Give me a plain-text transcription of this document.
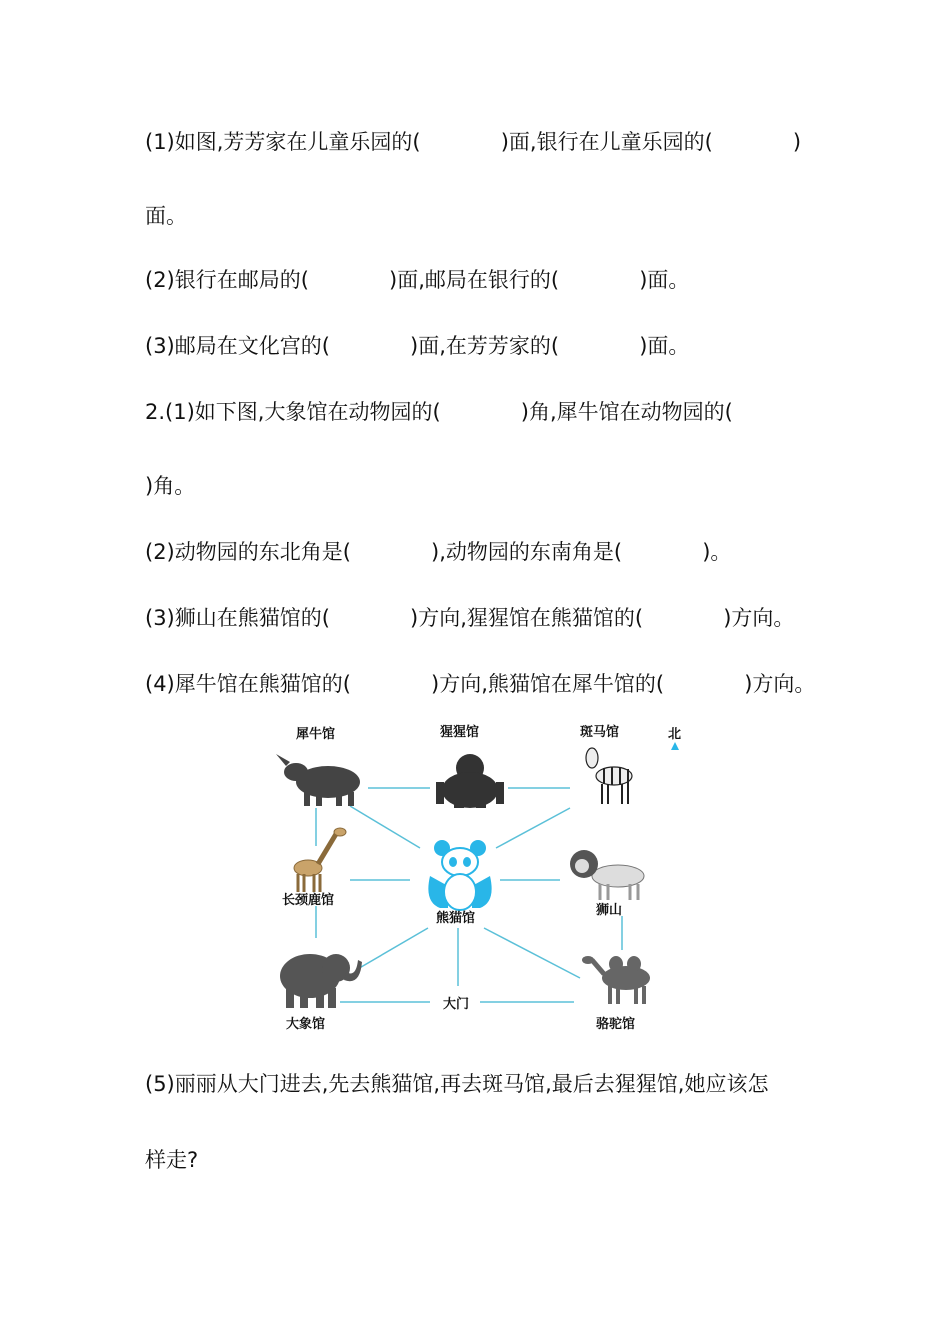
(1)如图,芳芳家在儿童乐园的(            )面,银行在儿童乐园的(            )
面。
(2)银行在邮局的(            )面,邮局在银行的(            )面。
(3)邮局在文化宫的(            )面,在芳芳家的(            )面。
2.(1)如下图,大象馆在动物园的(            )角,犀牛馆在动物园的(
)角。
(2)动物园的东北角是(            ),动物园的东南角是(            )。
(3)狮山在熊猫馆的(            )方向,猩猩馆在熊猫馆的(            )方向。
(4)犀牛馆在熊猫馆的(            )方向,熊猫馆在犀牛馆的(            )方向。
犀牛馆	猩猩馆	斑马馆	北
长颈鹿馆
熊猫馆
狮山
大象馆
大门
骆驼馆
(5)丽丽从大门进去,先去熊猫馆,再去斑马馆,最后去猩猩馆,她应该怎
样走?
